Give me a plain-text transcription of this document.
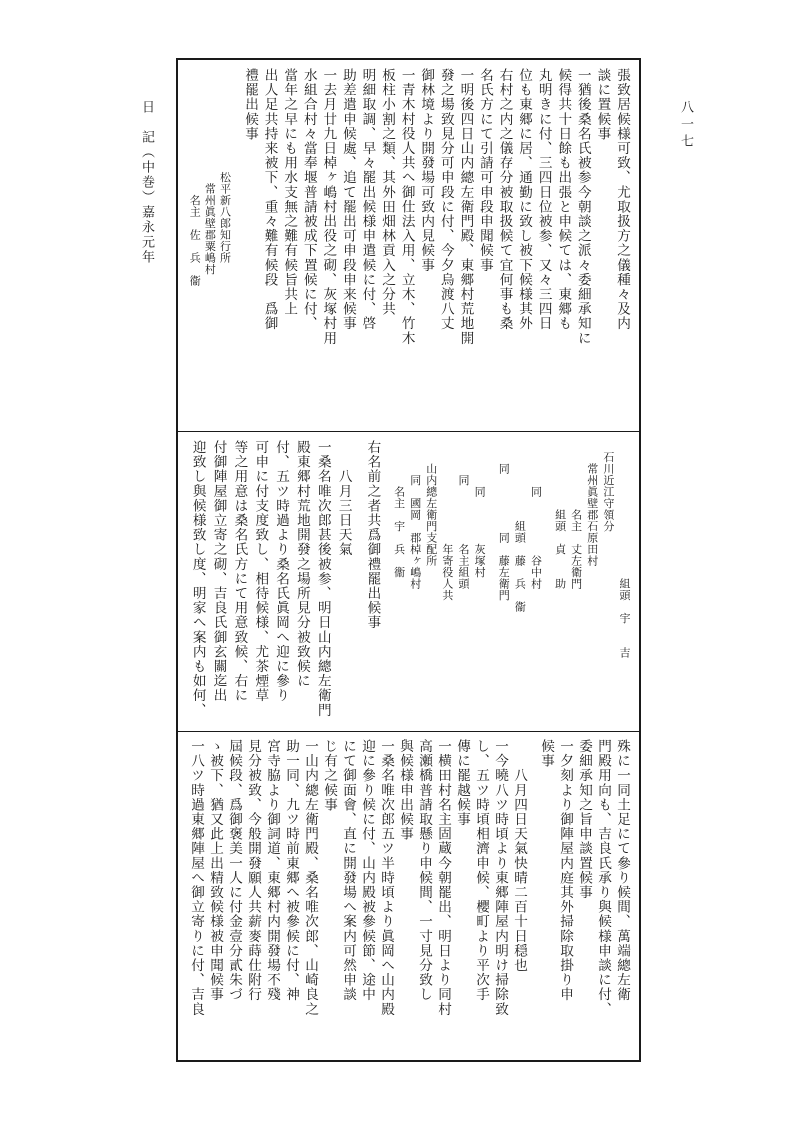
日　記（中巻）嘉永元年	八一七
張致居候様可致、尤取扱方之儀種々及内
談に置候事
一猶後桑名氏被参今朝談之派々委細承知に
候得共十日餘も出張と申候ては、東郷も
丸明きに付、三四日位被参、又々三四日
位も東郷に居、通勤に致し被下候様其外
右村之内之儀存分被取扱候て宜何事も桑
名氏方にて引請可申段申聞候事
一明後四日山内總左衛門殿、東郷村荒地開
發之場致見分可申段に付、今夕烏渡八丈
御林境より開發場可致内見候事
一青木村役人共へ御仕法入用、立木、竹木
板柱小割之類、其外田畑林貢入之分共
明細取調、早々罷出候様申遣候に付、啓
助差遣申候處、追て罷出可申段申来候事
一去月廿九日棹ヶ嶋村出役之砌、灰塚村用
水組合村々當奉堰普請被成下置候に付、
當年之早にも用水支無之難有候旨共上
出人足共持来被下、重々難有候段　爲御
禮罷出候事
　　　　　　　　　松平新八郎知行所
　　　　　　　　　　常州眞壁郡粟嶋村
　　　　　　　　　　　名主　佐　兵　衞
　　　　　　　　　　　　組頭　宇　　吉
　石川近江守領分
　　常州眞壁郡石原田村
　　　　　　名主　丈左衛門
　　　　　　組頭　貞　　助
　　　　同　　　　　谷中村
　　　　　　　組頭　藤　兵　衞
　　同　　　　　同　藤左衛門
　　　　同　　　　灰塚村
　　　同　　　　　名主組頭
　　　　　　　　　年寄役人共
　　山内總左衛門支配所
　　　同　國岡　郡棹ヶ嶋村
　　　　名主　宇　兵　衞
右名前之者共爲御禮罷出候事
　　八月三日天氣
一桑名唯次郎甚後被参、明日山内總左衛門
殿東郷村荒地開發之場所見分被致候に
付、五ツ時過より桑名氏眞岡へ迎に參り
可申に付支度致し、相待候様、尤茶煙草
等之用意は桑名氏方にて用意致候、右に
付御陣屋御立寄之砌、吉良氏御玄關迄出
迎致し與候様致し度、明家へ案内も如何、
殊に一同土足にて參り候間、萬端總左衛
門殿用向も、吉良氏承り與候様申談に付、
委細承知之旨申談置候事
一夕刻より御陣屋内庭其外掃除取掛り申
候事
　　八月四日天氣快晴二百十日穏也
一今曉八ツ時頃より東郷陣屋内明け掃除致
し、五ツ時頃相濟申候、櫻町より平次手
傳に罷越候事
一横田村名主固蔵今朝罷出、明日より同村
高瀬橋普請取懸り申候間、一寸見分致し
與候様申出候事
一桑名唯次郎五ツ半時頃より眞岡へ山内殿
迎に參り候に付、山内殿被參候節、途中
にて御面會、直に開發場へ案内可然申談
じ有之候事
一山内總左衛門殿、桑名唯次郎、山崎良之
助一同、九ツ時前東郷へ被參候に付、神
宮寺脇より御詞道、東郷村内開發場不殘
見分被致、今般開發願人共薪麥蒔仕附行
屆候段、爲御褒美一人に付金壹分貳朱づ
ゝ被下、猶又此上出精致候様被申聞候事
一八ツ時過東郷陣屋へ御立寄りに付、吉良
